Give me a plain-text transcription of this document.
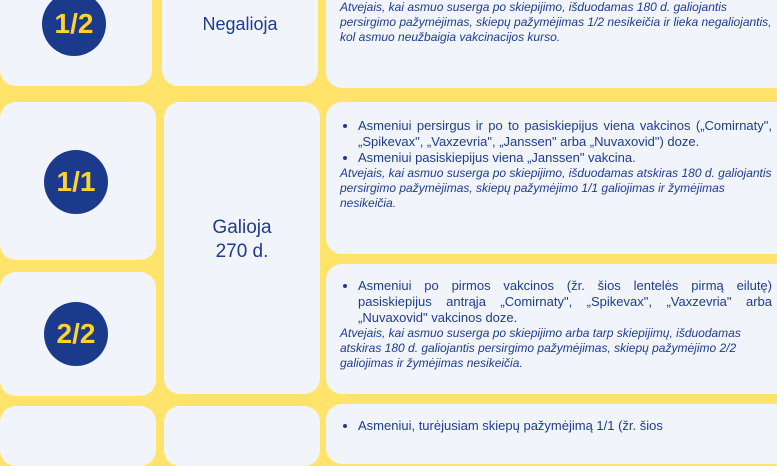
1/2	Negalioja
Atvejais, kai asmuo suserga po skiepijimo, išduodamas 180 d. galiojantis persirgimo pažymėjimas, skiepų pažymėjimas 1/2 nesikeičia ir lieka negaliojantis, kol asmuo neužbaigia vakcinacijos kurso.
1/1
• Asmeniui persirgus ir po to pasiskiepijus viena vakcinos („Comirnaty", „Spikevax", „Vaxzevria", „Janssen" arba „Nuvaxovid") doze.
• Asmeniui pasiskiepijus viena „Janssen" vakcina.
Atvejais, kai asmuo suserga po skiepijimo, išduodamas atskiras 180 d. galiojantis persirgimo pažymėjimas, skiepų pažymėjimo 1/1 galiojimas ir žymėjimas nesikeičia.
Galioja
270 d.
2/2
• Asmeniui po pirmos vakcinos (žr. šios lentelės pirmą eilutę) pasiskiepijus antrąja „Comirnaty", „Spikevax", „Vaxzevria" arba „Nuvaxovid" vakcinos doze.
Atvejais, kai asmuo suserga po skiepijimo arba tarp skiepijimų, išduodamas atskiras 180 d. galiojantis persirgimo pažymėjimas, skiepų pažymėjimo 2/2 galiojimas ir žymėjimas nesikeičia.
• Asmeniui, turėjusiam skiepų pažymėjimą 1/1 (žr. šios
